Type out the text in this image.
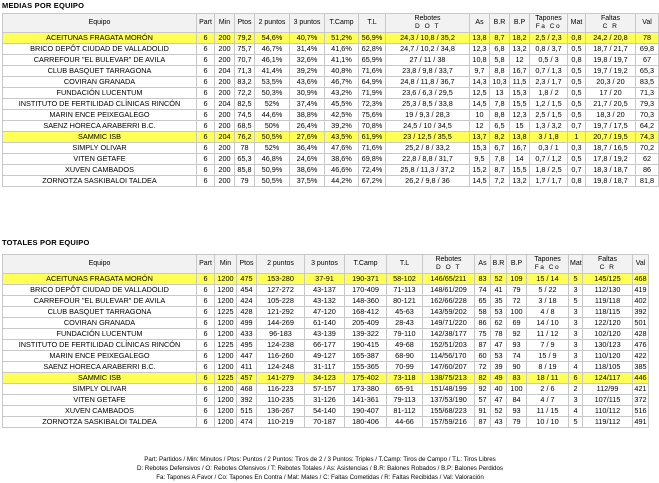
MEDIAS POR EQUIPO
Equipo	Part	Min	Ptos	2 puntos	3 puntos	T.Camp	T.L	Rebotes
D O T	As	B.R	B.P	Tapones
Fa Co	Mat	Faltas
C R	Val
ACEITUNAS FRAGATA MORÓN	6	200	79,2	54,6%	40,7%	51,2%	56,9%	24,3 / 10,8 / 35,2	13,8	8,7	18,2	2,5 / 2,3	0,8	24,2 / 20,8	78
BRICO DEPÔT CIUDAD DE VALLADOLID	6	200	75,7	46,7%	31,4%	41,6%	62,8%	24,7 / 10,2 / 34,8	12,3	6,8	13,2	0,8 / 3,7	0,5	18,7 / 21,7	69,8
CARREFOUR "EL BULEVAR" DE AVILA	6	200	70,7	46,1%	32,6%	41,1%	65,9%	27 / 11 / 38	10,8	5,8	12	0,5 / 3	0,8	19,8 / 19,7	67
CLUB BASQUET TARRAGONA	6	204	71,3	41,4%	39,2%	40,8%	71,6%	23,8 / 9,8 / 33,7	9,7	8,8	16,7	0,7 / 1,3	0,5	19,7 / 19,2	65,3
COVIRAN GRANADA	6	200	83,2	53,5%	43,6%	46,7%	64,9%	24,8 / 11,8 / 36,7	14,3	10,3	11,5	2,3 / 1,7	0,5	20,3 / 20	83,5
FUNDACIÓN LUCENTUM	6	200	72,2	50,3%	30,9%	43,2%	71,9%	23,6 / 6,3 / 29,5	12,5	13	15,3	1,8 / 2	0,5	17 / 20	71,3
INSTITUTO DE FERTILIDAD CLÍNICAS RINCÓN	6	204	82,5	52%	37,4%	45,5%	72,3%	25,3 / 8,5 / 33,8	14,5	7,8	15,5	1,2 / 1,5	0,5	21,7 / 20,5	79,3
MARIN ENCE PEIXEGALEGO	6	200	74,5	44,6%	38,8%	42,5%	75,6%	19 / 9,3 / 28,3	10	8,8	12,3	2,5 / 1,5	0,5	18,3 / 20	70,3
SAENZ HORECA ARABERRI B.C.	6	200	68,5	50%	26,4%	39,2%	70,8%	24,5 / 10 / 34,5	12	6,5	15	1,3 / 3,2	0,7	19,7 / 17,5	64,2
SAMMIC ISB	6	204	76,2	50,5%	27,6%	43,5%	61,9%	23 / 12,5 / 35,5	13,7	8,2	13,8	3 / 1,8	1	20,7 / 19,5	74,3
SIMPLY OLIVAR	6	200	78	52%	36,4%	47,6%	71,6%	25,2 / 8 / 33,2	15,3	6,7	16,7	0,3 / 1	0,3	18,7 / 16,5	70,2
VITEN GETAFE	6	200	65,3	46,8%	24,6%	38,6%	69,8%	22,8 / 8,8 / 31,7	9,5	7,8	14	0,7 / 1,2	0,5	17,8 / 19,2	62
XUVEN CAMBADOS	6	200	85,8	50,9%	38,6%	46,6%	72,4%	25,8 / 11,3 / 37,2	15,2	8,7	15,5	1,8 / 2,5	0,7	18,3 / 18,7	86
ZORNOTZA SASKIBALOI TALDEA	6	200	79	50,5%	37,5%	44,2%	67,2%	26,2 / 9,8 / 36	14,5	7,2	13,2	1,7 / 1,7	0,8	19,8 / 18,7	81,8
TOTALES POR EQUIPO
Equipo	Part	Min	Ptos	2 puntos	3 puntos	T.Camp	T.L	Rebotes
D O T	As	B.R	B.P	Tapones
Fa Co	Mat	Faltas
C R	Val
ACEITUNAS FRAGATA MORÓN	6	1200	475	153-280	37-91	190-371	58-102	146/65/211	83	52	109	15 / 14	5	145/125	468
BRICO DEPÔT CIUDAD DE VALLADOLID	6	1200	454	127-272	43-137	170-409	71-113	148/61/209	74	41	79	5 / 22	3	112/130	419
CARREFOUR "EL BULEVAR" DE AVILA	6	1200	424	105-228	43-132	148-360	80-121	162/66/228	65	35	72	3 / 18	5	119/118	402
CLUB BASQUET TARRAGONA	6	1225	428	121-292	47-120	168-412	45-63	143/59/202	58	53	100	4 / 8	3	118/115	392
COVIRAN GRANADA	6	1200	499	144-269	61-140	205-409	28-43	149/71/220	86	62	69	14 / 10	3	122/120	501
FUNDACIÓN LUCENTUM	6	1200	433	96-183	43-139	139-322	79-110	142/38/177	75	78	92	11 / 12	3	102/120	428
INSTITUTO DE FERTILIDAD CLÍNICAS RINCÓN	6	1225	495	124-238	66-177	190-415	49-68	152/51/203	87	47	93	7 / 9	3	130/123	476
MARIN ENCE PEIXEGALEGO	6	1200	447	116-260	49-127	165-387	68-90	114/56/170	60	53	74	15 / 9	3	110/120	422
SAENZ HORECA ARABERRI B.C.	6	1200	411	124-248	31-117	155-365	70-99	147/60/207	72	39	90	8 / 19	4	118/105	385
SAMMIC ISB	6	1225	457	141-279	34-123	175-402	73-118	138/75/213	82	49	83	18 / 11	6	124/117	446
SIMPLY OLIVAR	6	1200	468	116-223	57-157	173-380	65-91	151/48/199	92	40	100	2 / 6	2	112/99	421
VITEN GETAFE	6	1200	392	110-235	31-126	141-361	79-113	137/53/190	57	47	84	4 / 7	3	107/115	372
XUVEN CAMBADOS	6	1200	515	136-267	54-140	190-407	81-112	155/68/223	91	52	93	11 / 15	4	110/112	516
ZORNOTZA SASKIBALOI TALDEA	6	1200	474	110-219	70-187	180-406	44-66	157/59/216	87	43	79	10 / 10	5	119/112	491
Part: Partidos / Min: Minutos / Ptos: Puntos / 2 Puntos: Tiros de 2 / 3 Puntos: Triples / T.Camp: Tiros de Campo / T.L: Tiros Libres
D: Rebotes Defensivos / O: Rebotes Ofensivos / T: Rebotes Totales / As: Asistencias / B.R: Balones Robados / B.P: Balones Perdidos
Fa: Tapones A Favor / Co: Tapones En Contra / Mat: Mates / C: Faltas Cometidas / R: Faltas Recibidas / Val: Valoración
